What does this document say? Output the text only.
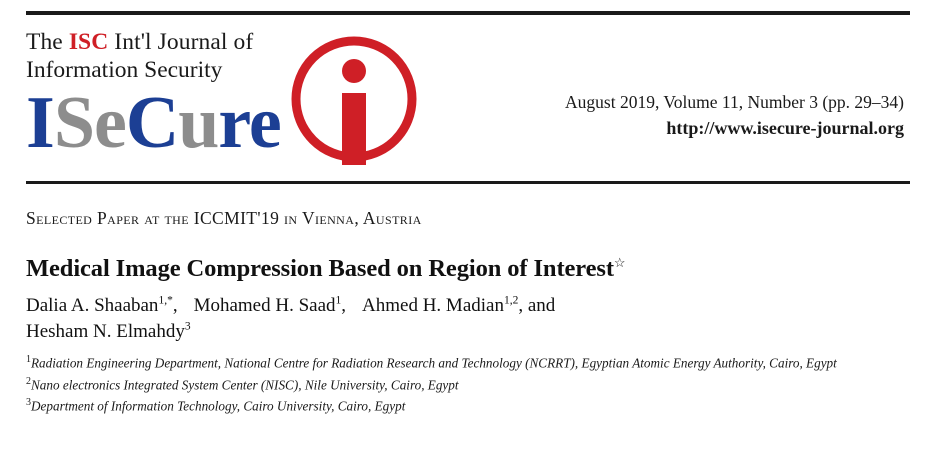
The ISC Int'l Journal of
Information Security
ISeCure	August 2019, Volume 11, Number 3 (pp. 29–34)
http://www.isecure-journal.org
Selected Paper at the ICCMIT'19 in Vienna, Austria
Medical Image Compression Based on Region of Interest☆
Dalia A. Shaaban$^{1,*}$, Mohamed H. Saad$^1$, Ahmed H. Madian$^{1,2}$, and
Hesham N. Elmahdy$^3$
$^1$Radiation Engineering Department, National Centre for Radiation Research and Technology (NCRRT), Egyptian Atomic Energy Authority, Cairo, Egypt
$^2$Nano electronics Integrated System Center (NISC), Nile University, Cairo, Egypt
$^3$Department of Information Technology, Cairo University, Cairo, Egypt
